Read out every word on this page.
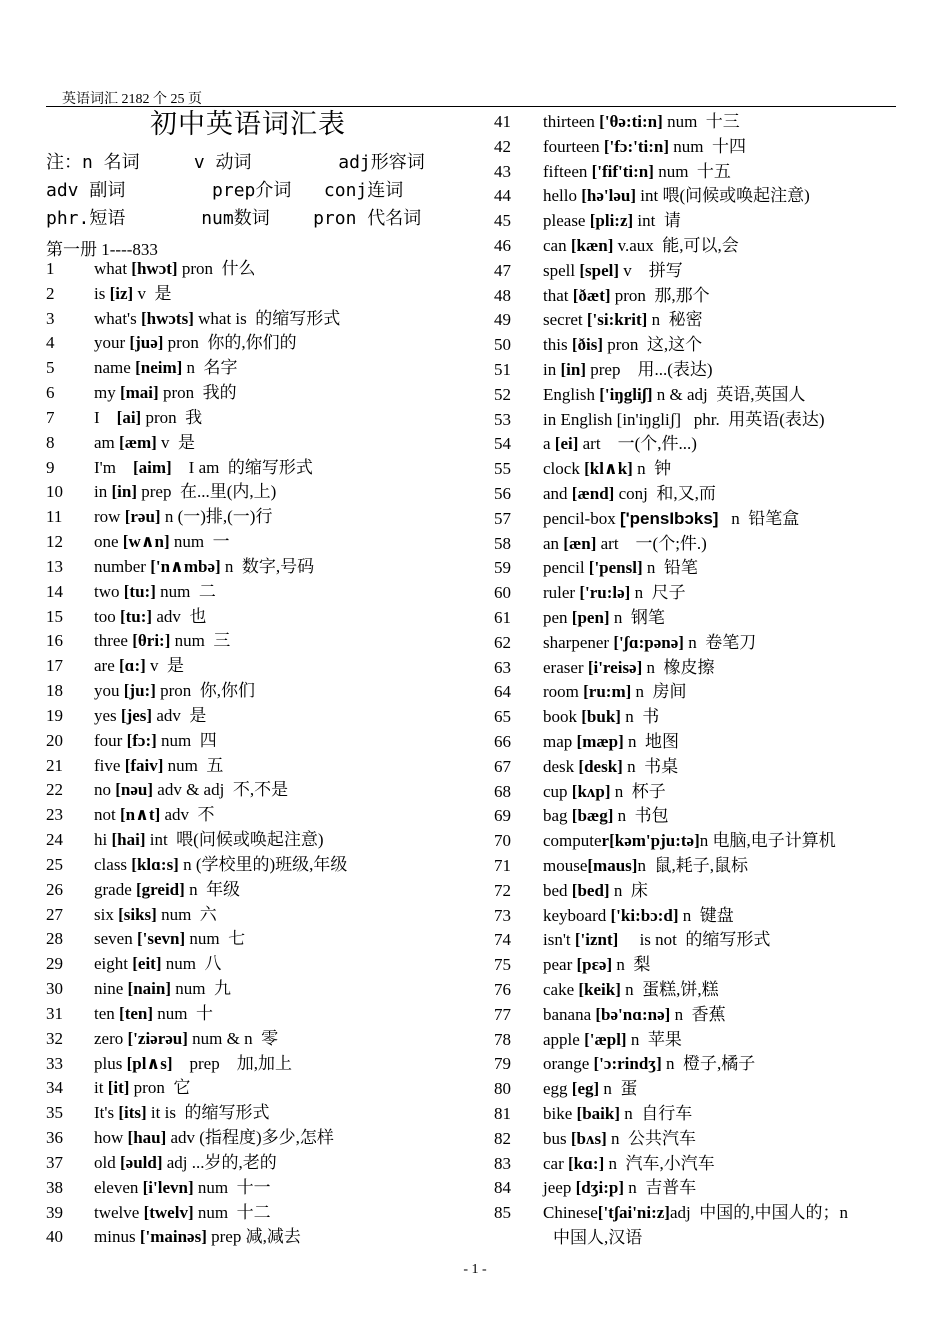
英语词汇 2182 个 25 页
初中英语词汇表
注：n 名词     v 动词        adj形容词
adv 副词        prep介词   conj连词
phr.短语       num数词    pron 代名词
第一册 1----833
1 what [hwɔt] pron  什么
2 is [iz] v  是
3 what's [hwɔts] what is  的缩写形式
4 your [juə] pron  你的,你们的
5 name [neim] n  名字
6 my [mai] pron  我的
7 I    [ai] pron  我
8 am [æm] v  是
9 I'm    [aim]    I am  的缩写形式
10 in [in] prep  在...里(内,上)
11 row [rəu] n (一)排,(一)行
12 one [w∧n] num  一
13 number ['n∧mbə] n  数字,号码
14 two [tu:] num  二
15 too [tu:] adv  也
16 three [θri:] num  三
17 are [ɑ:] v  是
18 you [ju:] pron  你,你们
19 yes [jes] adv  是
20 four [fɔ:] num  四
21 five [faiv] num  五
22 no [nəu] adv & adj  不,不是
23 not [n∧t] adv  不
24 hi [hai] int  喂(问候或唤起注意)
25 class [klɑ:s] n (学校里的)班级,年级
26 grade [greid] n  年级
27 six [siks] num  六
28 seven ['sevn] num  七
29 eight [eit] num  八
30 nine [nain] num  九
31 ten [ten] num  十
32 zero ['ziərəu] num & n  零
33 plus [pl∧s]    prep    加,加上
34 it [it] pron  它
35 It's [its] it is  的缩写形式
36 how [hau] adv (指程度)多少,怎样
37 old [əuld] adj ...岁的,老的
38 eleven [i'levn] num  十一
39 twelve [twelv] num  十二
40 minus ['mainəs] prep 减,减去
41 thirteen ['θə:ti:n] num  十三
42 fourteen ['fɔ:'ti:n] num  十四
43 fifteen ['fif'ti:n] num  十五
44 hello [hə'ləu] int 喂(问候或唤起注意)
45 please [pli:z] int  请
46 can [kæn] v.aux  能,可以,会
47 spell [spel] v    拼写
48 that [ðæt] pron  那,那个
49 secret ['si:krit] n  秘密
50 this [ðis] pron  这,这个
51 in [in] prep    用...(表达)
52 English ['iŋgliʃ] n & adj  英语,英国人
53 in English [in'iŋgliʃ]   phr.  用英语(表达)
54 a [ei] art    一(个,件...)
55 clock [kl∧k] n  钟
56 and [ænd] conj  和,又,而
57 pencil-box ['pensIbɔks]   n  铅笔盒
58 an [æn] art    一(个;件.)
59 pencil ['pensl] n  铅笔
60 ruler ['ru:lə] n  尺子
61 pen [pen] n  钢笔
62 sharpener ['ʃɑ:pənə] n  卷笔刀
63 eraser [i'reisə] n  橡皮擦
64 room [ru:m] n  房间
65 book [buk] n  书
66 map [mæp] n  地图
67 desk [desk] n  书桌
68 cup [kʌp] n  杯子
69 bag [bæg] n  书包
70 computer[kəm'pju:tə]n 电脑,电子计算机
71 mouse[maus]n  鼠,耗子,鼠标
72 bed [bed] n  床
73 keyboard ['ki:bɔ:d] n  键盘
74 isn't ['iznt]     is not  的缩写形式
75 pear [pɛə] n  梨
76 cake [keik] n  蛋糕,饼,糕
77 banana [bə'nɑ:nə] n  香蕉
78 apple ['æpl] n  苹果
79 orange ['ɔ:rindʒ] n  橙子,橘子
80 egg [eg] n  蛋
81 bike [baik] n  自行车
82 bus [bʌs] n  公共汽车
83 car [kɑ:] n  汽车,小汽车
84 jeep [dʒi:p] n  吉普车
85 Chinese['tʃai'ni:z]adj  中国的,中国人的；n
中国人,汉语
- 1 -
